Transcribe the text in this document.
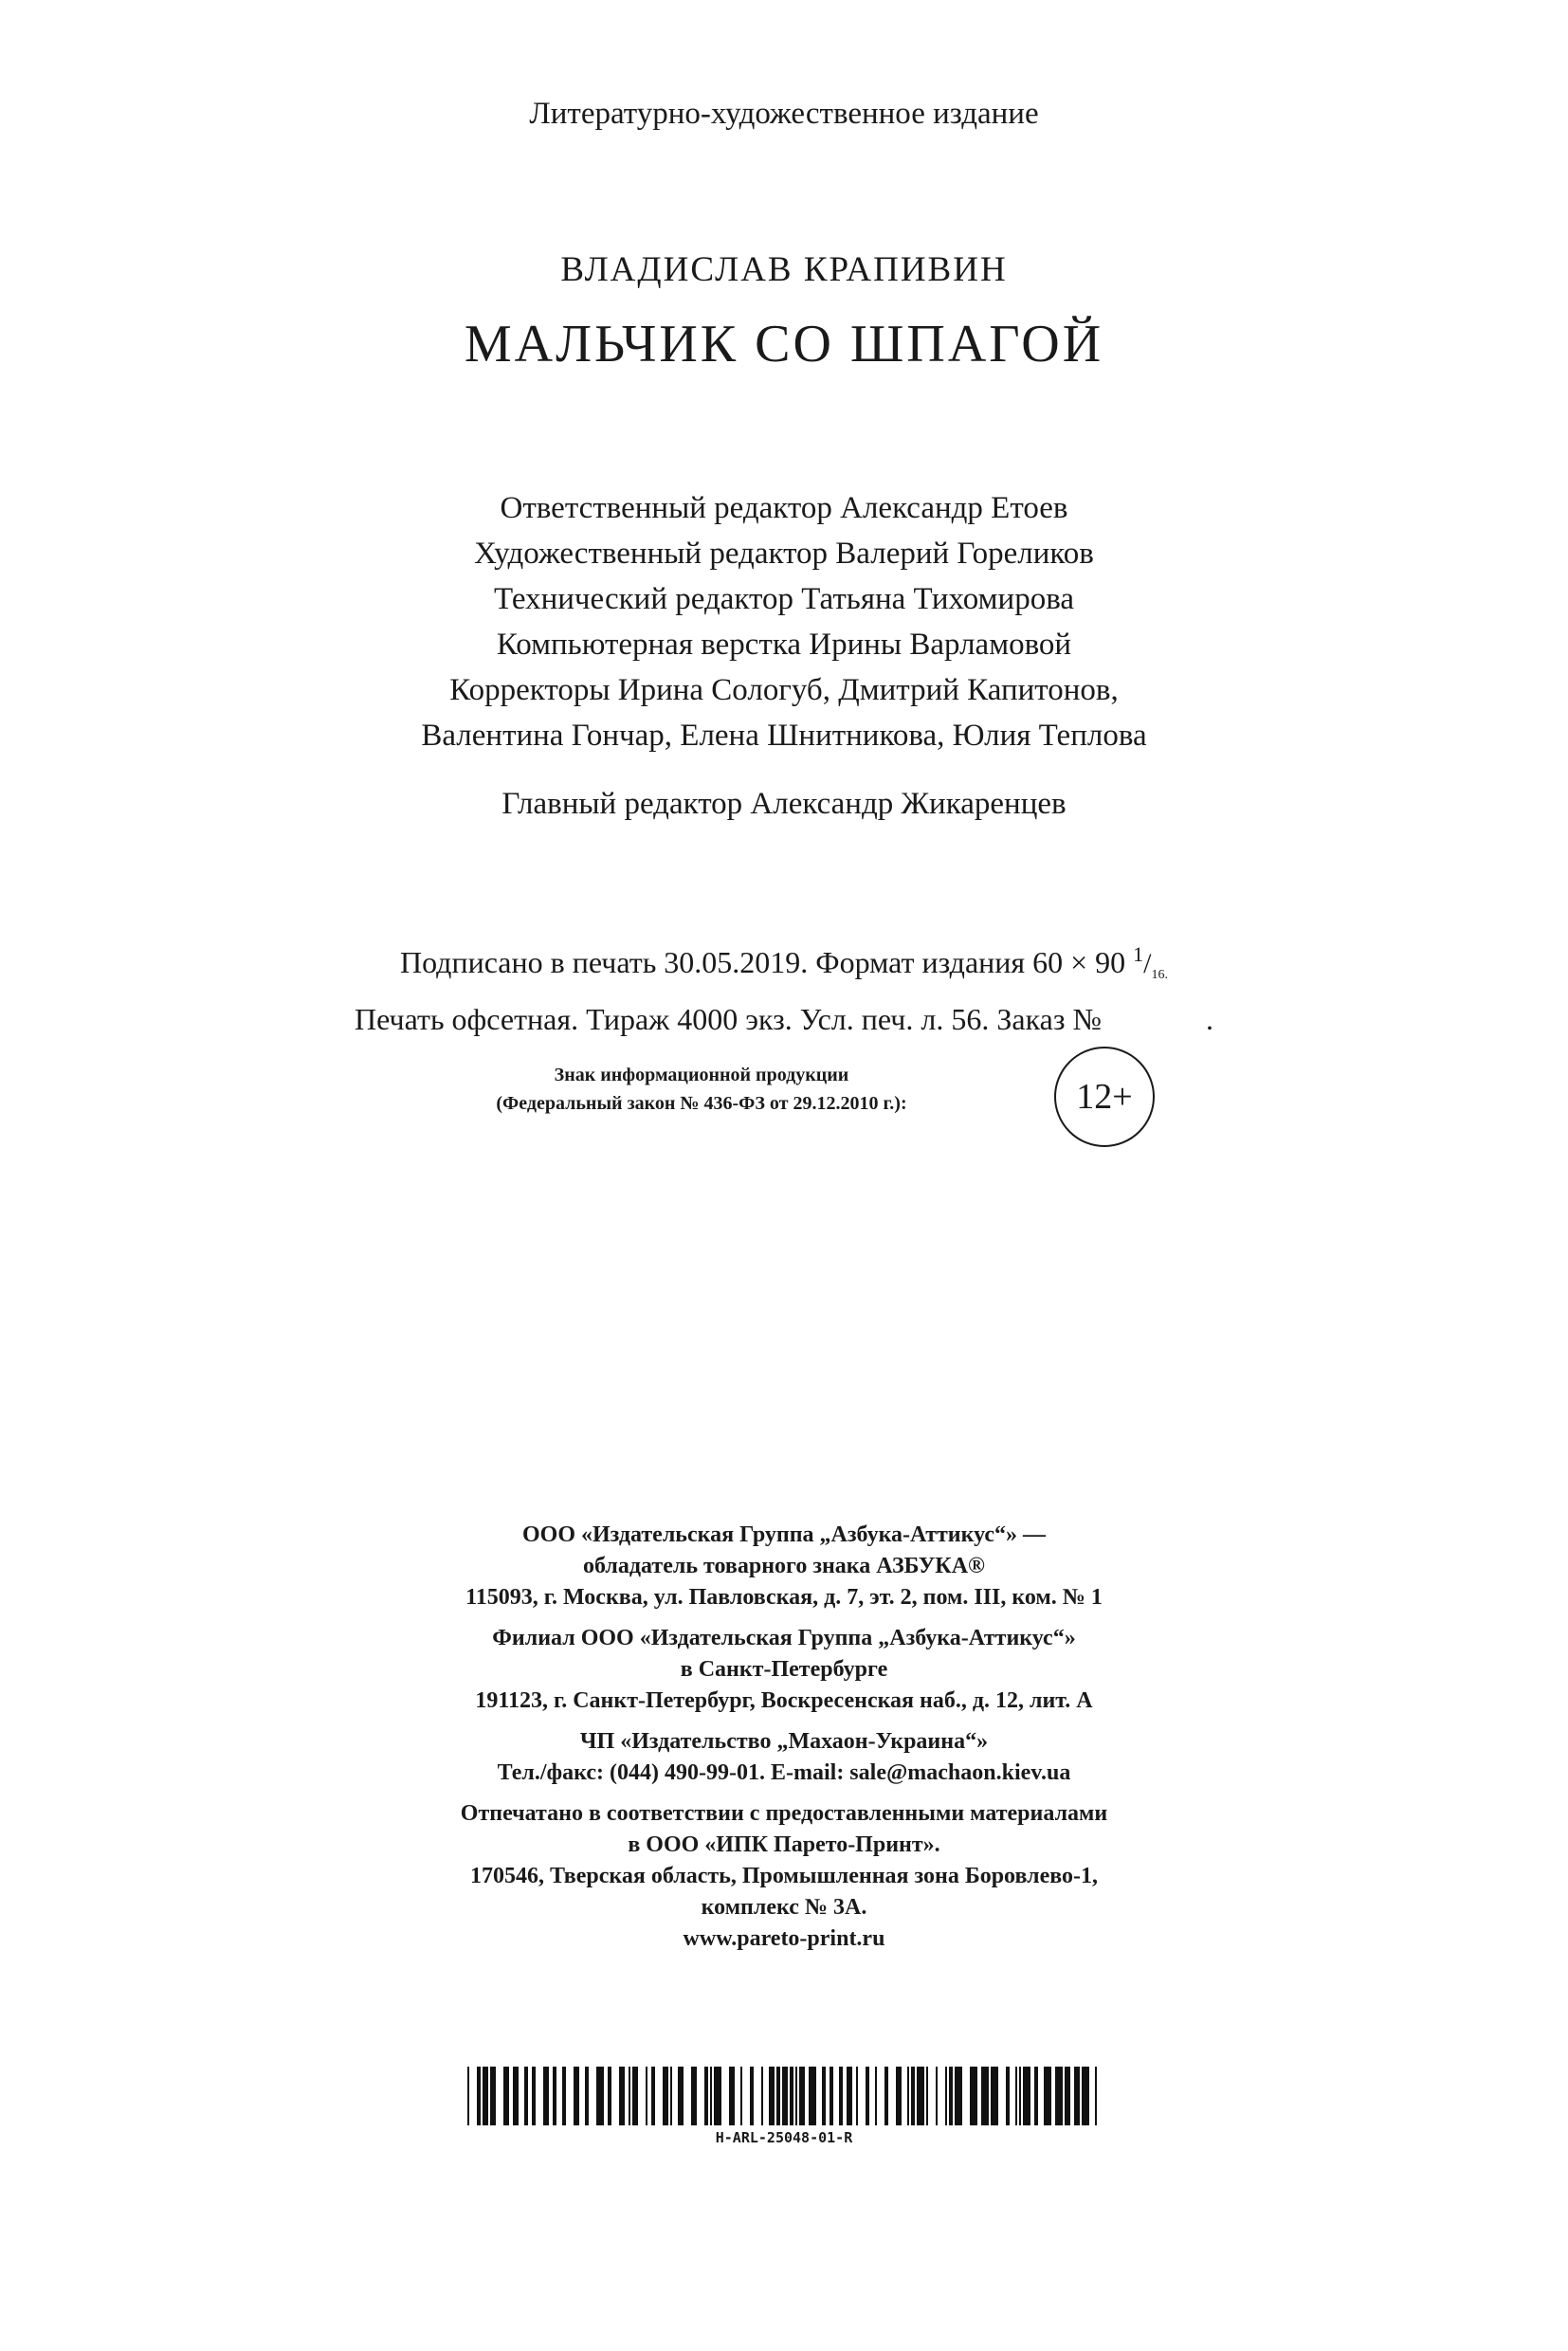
Литературно-художественное издание
ВЛАДИСЛАВ КРАПИВИН
МАЛЬЧИК СО ШПАГОЙ
Ответственный редактор Александр Етоев
Художественный редактор Валерий Гореликов
Технический редактор Татьяна Тихомирова
Компьютерная верстка Ирины Варламовой
Корректоры Ирина Сологуб, Дмитрий Капитонов,
Валентина Гончар, Елена Шнитникова, Юлия Теплова
Главный редактор Александр Жикаренцев
Подписано в печать 30.05.2019. Формат издания 60 × 90 $^1$/16.
Печать офсетная. Тираж 4000 экз. Усл. печ. л. 56. Заказ №	.
Знак информационной продукции
(Федеральный закон № 436-ФЗ от 29.12.2010 г.):	12+
ООО «Издательская Группа „Азбука-Аттикус“» —
обладатель товарного знака АЗБУКА®
115093, г. Москва, ул. Павловская, д. 7, эт. 2, пом. III, ком. № 1
Филиал ООО «Издательская Группа „Азбука-Аттикус“»
в Санкт-Петербурге
191123, г. Санкт-Петербург, Воскресенская наб., д. 12, лит. А
ЧП «Издательство „Махаон-Украина“»
Тел./факс: (044) 490-99-01. E-mail: sale@machaon.kiev.ua
Отпечатано в соответствии с предоставленными материалами
в ООО «ИПК Парето-Принт».
170546, Тверская область, Промышленная зона Боровлево-1,
комплекс № 3А.
www.pareto-print.ru
H-ARL-25048-01-R
